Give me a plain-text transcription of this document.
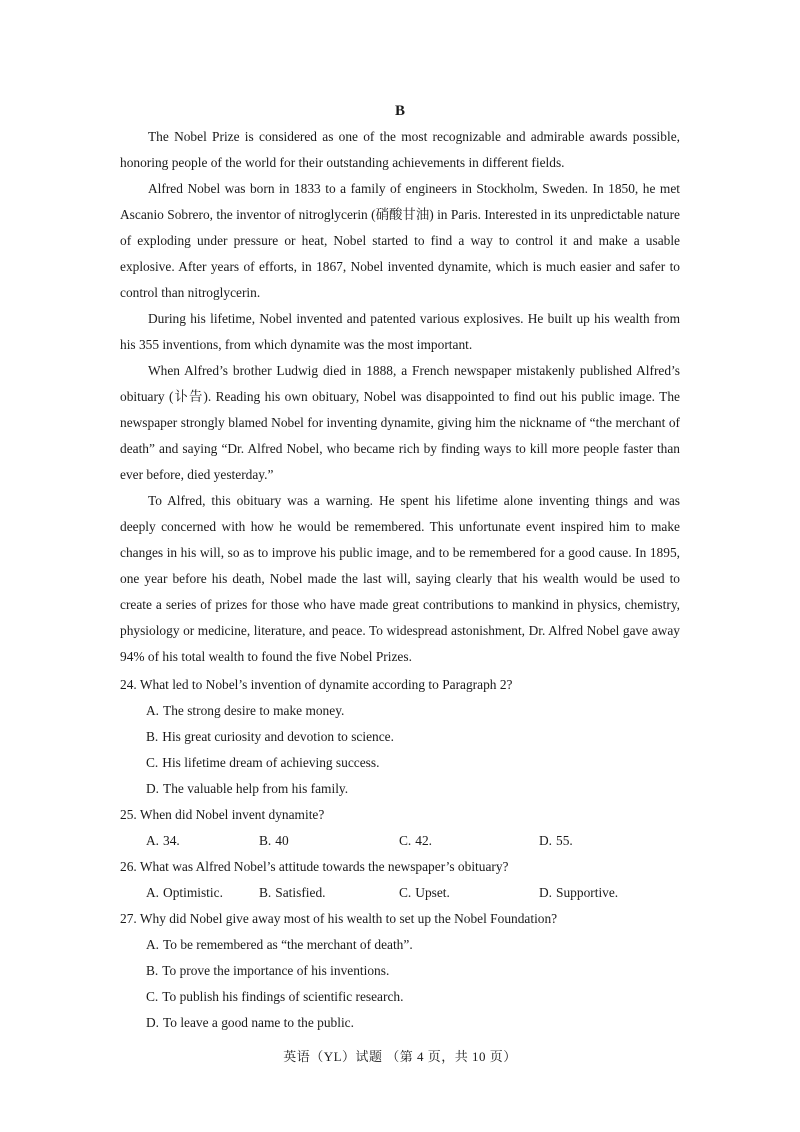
B

The Nobel Prize is considered as one of the most recognizable and admirable awards possible, honoring people of the world for their outstanding achievements in different fields.

Alfred Nobel was born in 1833 to a family of engineers in Stockholm, Sweden. In 1850, he met Ascanio Sobrero, the inventor of nitroglycerin (硝酸甘油) in Paris. Interested in its unpredictable nature of exploding under pressure or heat, Nobel started to find a way to control it and make a usable explosive. After years of efforts, in 1867, Nobel invented dynamite, which is much easier and safer to control than nitroglycerin.

During his lifetime, Nobel invented and patented various explosives. He built up his wealth from his 355 inventions, from which dynamite was the most important.

When Alfred’s brother Ludwig died in 1888, a French newspaper mistakenly published Alfred’s obituary (讣告). Reading his own obituary, Nobel was disappointed to find out his public image. The newspaper strongly blamed Nobel for inventing dynamite, giving him the nickname of “the merchant of death” and saying “Dr. Alfred Nobel, who became rich by finding ways to kill more people faster than ever before, died yesterday.”

To Alfred, this obituary was a warning. He spent his lifetime alone inventing things and was deeply concerned with how he would be remembered. This unfortunate event inspired him to make changes in his will, so as to improve his public image, and to be remembered for a good cause. In 1895, one year before his death, Nobel made the last will, saying clearly that his wealth would be used to create a series of prizes for those who have made great contributions to mankind in physics, chemistry, physiology or medicine, literature, and peace. To widespread astonishment, Dr. Alfred Nobel gave away 94% of his total wealth to found the five Nobel Prizes.

24. What led to Nobel’s invention of dynamite according to Paragraph 2?

A. The strong desire to make money.
B. His great curiosity and devotion to science.
C. His lifetime dream of achieving success.
D. The valuable help from his family.

25. When did Nobel invent dynamite?

A. 34.	B. 40	C. 42.	D. 55.

26. What was Alfred Nobel’s attitude towards the newspaper’s obituary?

A. Optimistic.	B. Satisfied.	C. Upset.	D. Supportive.

27. Why did Nobel give away most of his wealth to set up the Nobel Foundation?

A. To be remembered as “the merchant of death”.
B. To prove the importance of his inventions.
C. To publish his findings of scientific research.
D. To leave a good name to the public.
英语（YL）试题 （第 4 页，共 10 页）
